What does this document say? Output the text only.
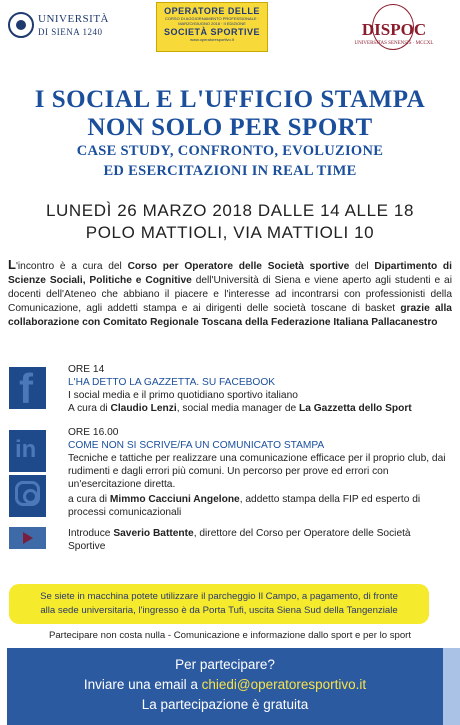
UNIVERSITÀ
DI SIENA 1240
OPERATORE DELLE
CORSO DI AGGIORNAMENTO PROFESSIONALE · MARZO/GIUGNO 2018 · II EDIZIONE
SOCIETÀ SPORTIVE
www.operatoresportivo.it
DISPOC
UNIVERSITAS SENENSIS · MCCXL
I SOCIAL E L'UFFICIO STAMPA
NON SOLO PER SPORT
CASE STUDY, CONFRONTO, EVOLUZIONE
ED ESERCITAZIONI IN REAL TIME
LUNEDÌ 26 MARZO 2018 DALLE 14 ALLE 18
POLO MATTIOLI, VIA MATTIOLI 10
L'incontro è a cura del Corso per Operatore delle Società sportive del Dipartimento di Scienze Sociali, Politiche e Cognitive dell'Università di Siena e viene aperto agli studenti e ai docenti dell'Ateneo che abbiano il piacere e l'interesse ad incontrarsi con professionisti della Comunicazione, agli addetti stampa e ai dirigenti delle società toscane di basket grazie alla collaborazione con Comitato Regionale Toscana della Federazione Italiana Pallacanestro
f
in
ORE 14
L'HA DETTO LA GAZZETTA. SU FACEBOOK
I social media e il primo quotidiano sportivo italiano
A cura di Claudio Lenzi, social media manager de La Gazzetta dello Sport
ORE 16.00
COME NON SI SCRIVE/FA UN COMUNICATO STAMPA
Tecniche e tattiche per realizzare una comunicazione efficace per il proprio club, dai rudimenti e dagli errori più comuni. Un percorso per prove ed errori con un'esercitazione diretta.
a cura di Mimmo Cacciuni Angelone, addetto stampa della FIP ed esperto di processi comunicazionali
Introduce Saverio Battente, direttore del Corso per Operatore delle Società Sportive
Se siete in macchina potete utilizzare il parcheggio Il Campo, a pagamento, di fronte
alla sede universitaria, l'ingresso è da Porta Tufi, uscita Siena Sud della Tangenziale
Partecipare non costa nulla - Comunicazione e informazione dallo sport e per lo sport
Per partecipare?
Inviare una email a chiedi@operatoresportivo.it
La partecipazione è gratuita
